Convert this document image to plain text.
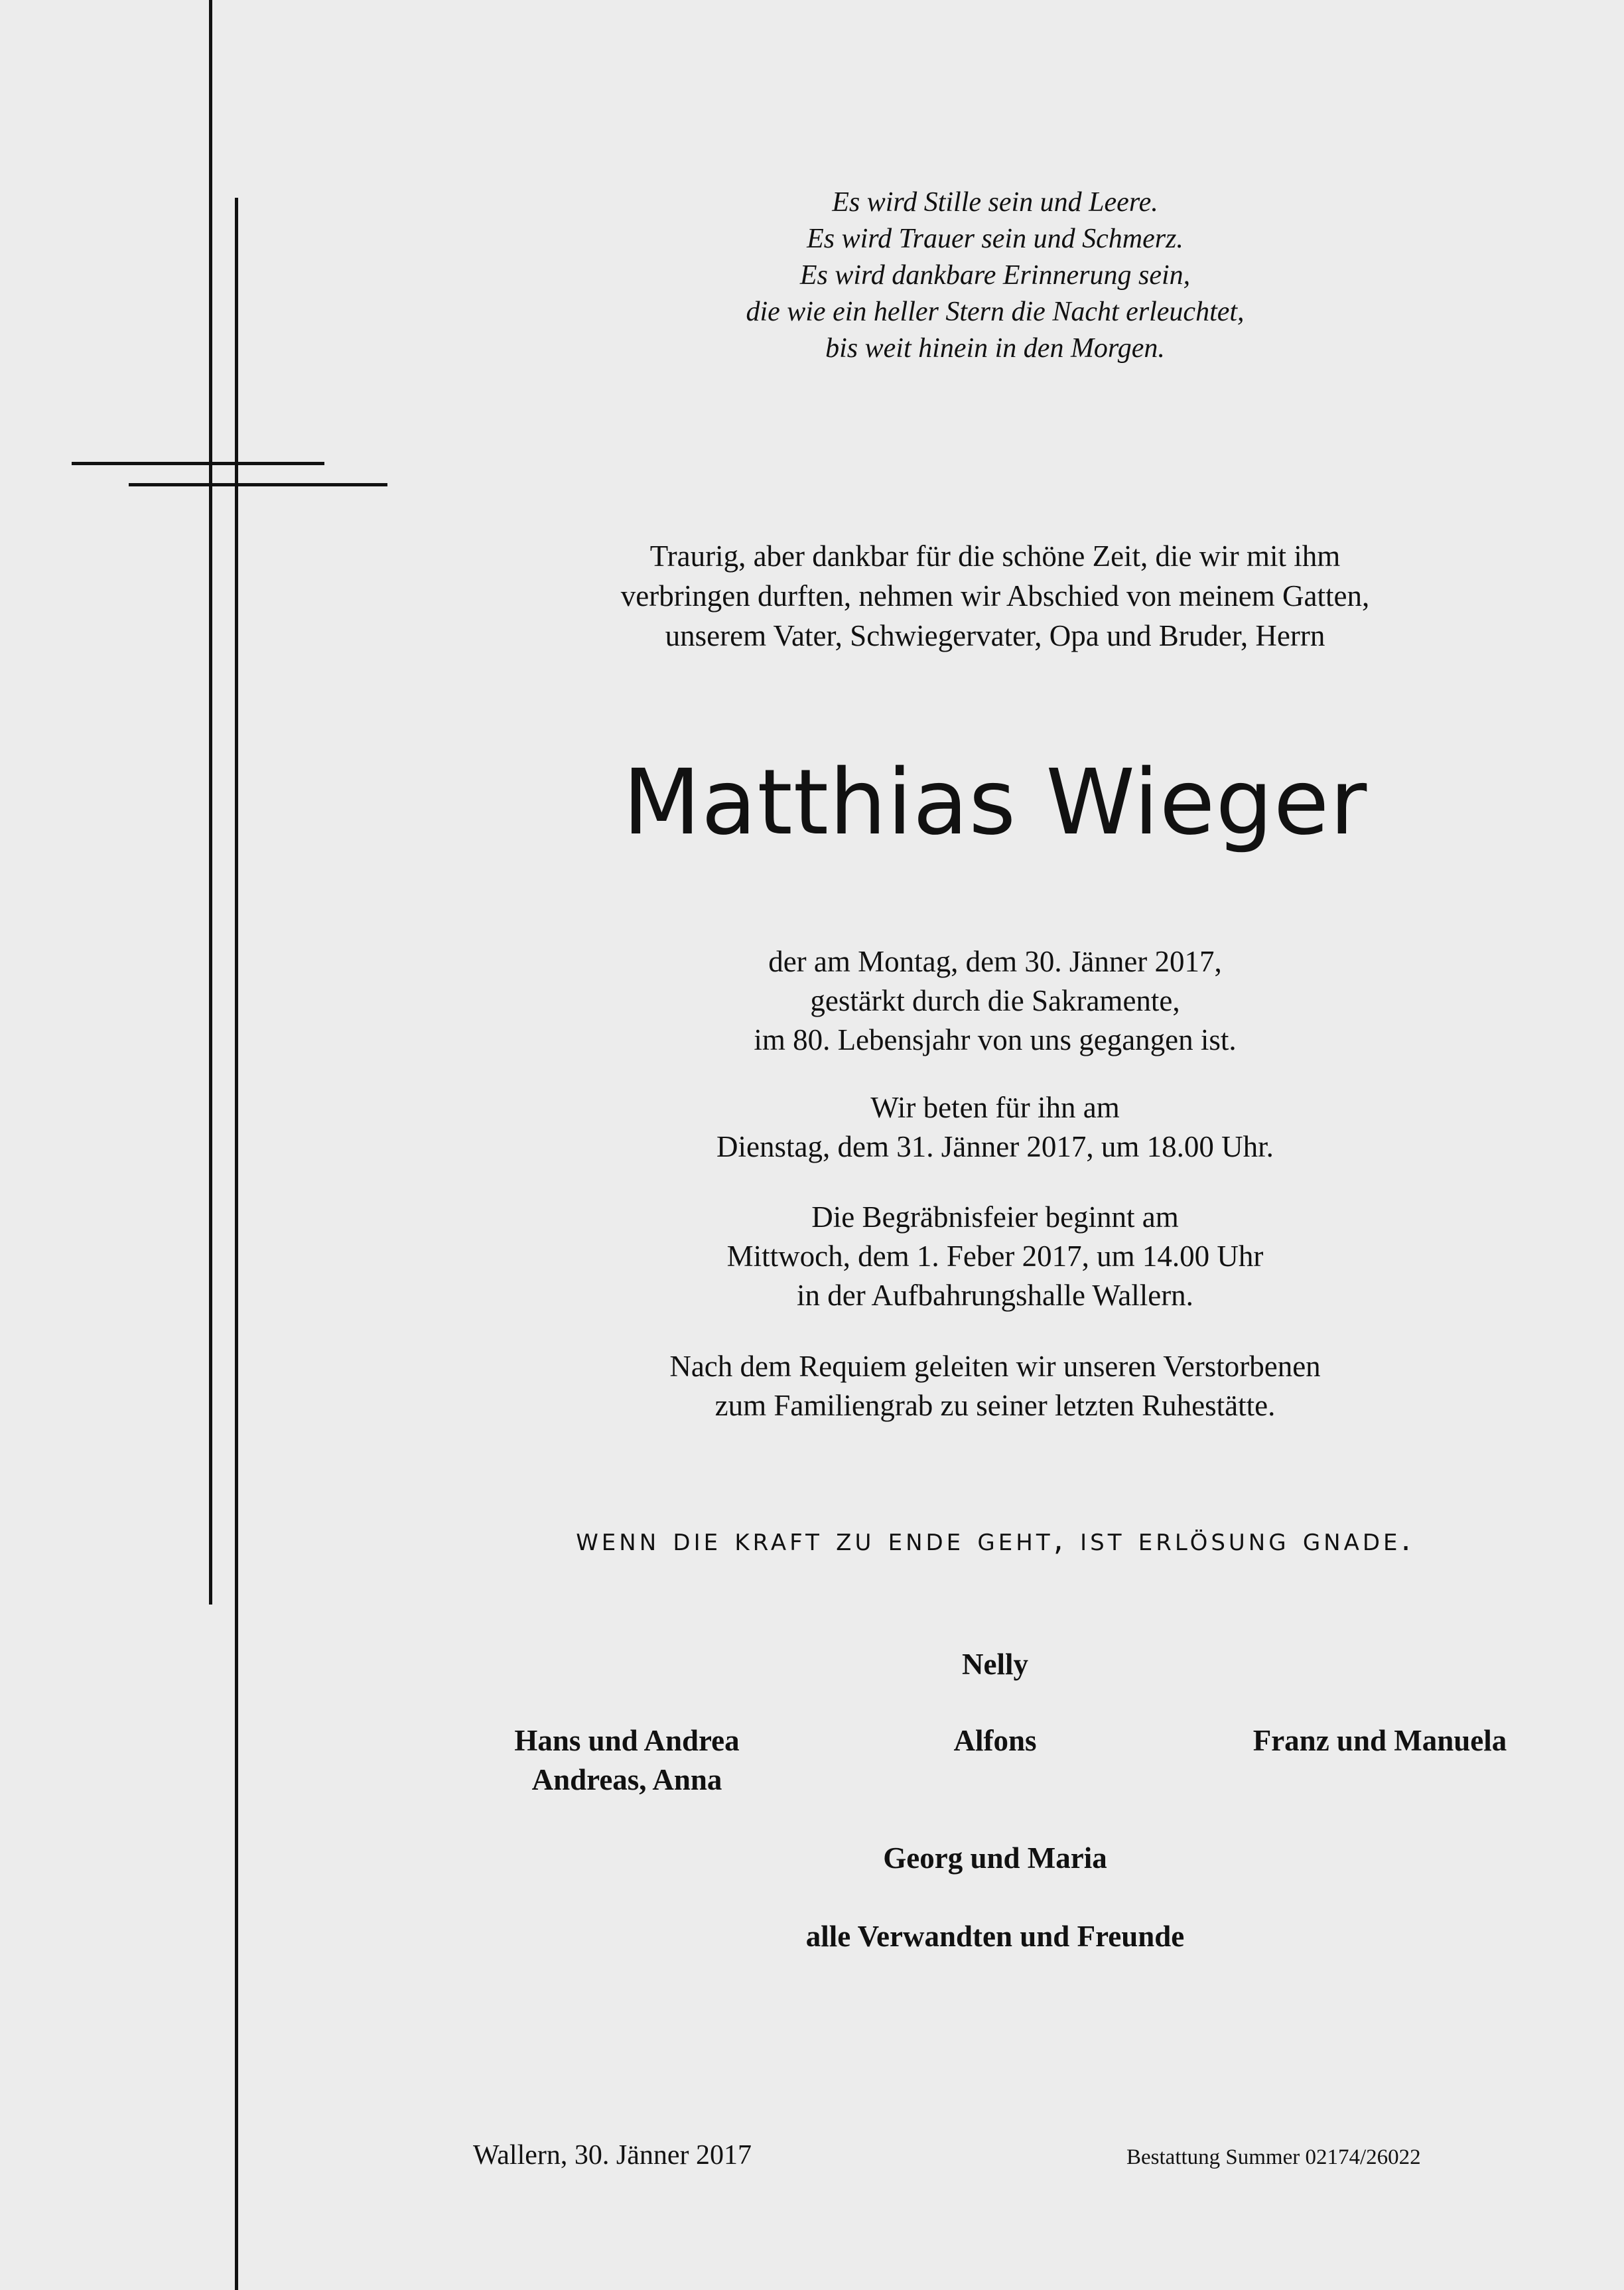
Es wird Stille sein und Leere.
Es wird Trauer sein und Schmerz.
Es wird dankbare Erinnerung sein,
die wie ein heller Stern die Nacht erleuchtet,
bis weit hinein in den Morgen.
Traurig, aber dankbar für die schöne Zeit, die wir mit ihm
verbringen durften, nehmen wir Abschied von meinem Gatten,
unserem Vater, Schwiegervater, Opa und Bruder, Herrn
Matthias Wieger
der am Montag, dem 30. Jänner 2017,
gestärkt durch die Sakramente,
im 80. Lebensjahr von uns gegangen ist.
Wir beten für ihn am
Dienstag, dem 31. Jänner 2017, um 18.00 Uhr.
Die Begräbnisfeier beginnt am
Mittwoch, dem 1. Feber 2017, um 14.00 Uhr
in der Aufbahrungshalle Wallern.
Nach dem Requiem geleiten wir unseren Verstorbenen
zum Familiengrab zu seiner letzten Ruhestätte.
wenn die kraft zu ende geht, ist erlösung gnade.
Nelly
Hans und Andrea
Andreas, Anna
Alfons	Franz und Manuela
Georg und Maria
alle Verwandten und Freunde
Wallern, 30. Jänner 2017	Bestattung Summer 02174/26022
